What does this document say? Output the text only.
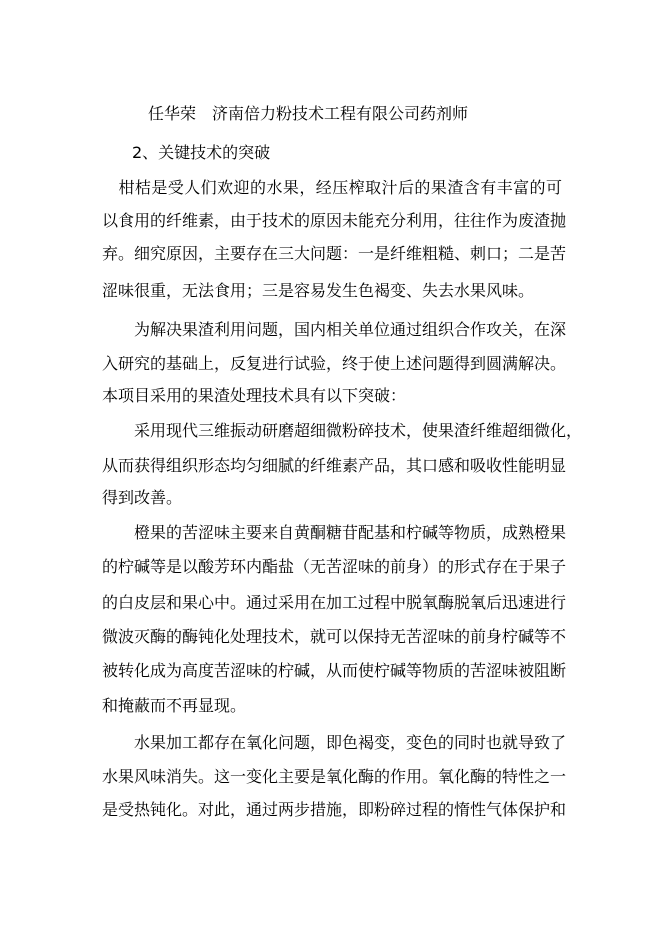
任华荣　济南倍力粉技术工程有限公司药剂师
2、关键技术的突破
　柑桔是受人们欢迎的水果，经压榨取汁后的果渣含有丰富的可
以食用的纤维素，由于技术的原因未能充分利用，往往作为废渣抛
弃。细究原因，主要存在三大问题：一是纤维粗糙、刺口；二是苦
涩味很重，无法食用；三是容易发生色褐变、失去水果风味。
　　为解决果渣利用问题，国内相关单位通过组织合作攻关，在深
入研究的基础上，反复进行试验，终于使上述问题得到圆满解决。
本项目采用的果渣处理技术具有以下突破：
　　采用现代三维振动研磨超细微粉碎技术，使果渣纤维超细微化，
从而获得组织形态均匀细腻的纤维素产品，其口感和吸收性能明显
得到改善。
　　橙果的苦涩味主要来自黄酮糖苷配基和柠碱等物质，成熟橙果
的柠碱等是以酸芳环内酯盐（无苦涩味的前身）的形式存在于果子
的白皮层和果心中。通过采用在加工过程中脱氧酶脱氧后迅速进行
微波灭酶的酶钝化处理技术，就可以保持无苦涩味的前身柠碱等不
被转化成为高度苦涩味的柠碱，从而使柠碱等物质的苦涩味被阻断
和掩蔽而不再显现。
　　水果加工都存在氧化问题，即色褐变，变色的同时也就导致了
水果风味消失。这一变化主要是氧化酶的作用。氧化酶的特性之一
是受热钝化。对此，通过两步措施，即粉碎过程的惰性气体保护和
